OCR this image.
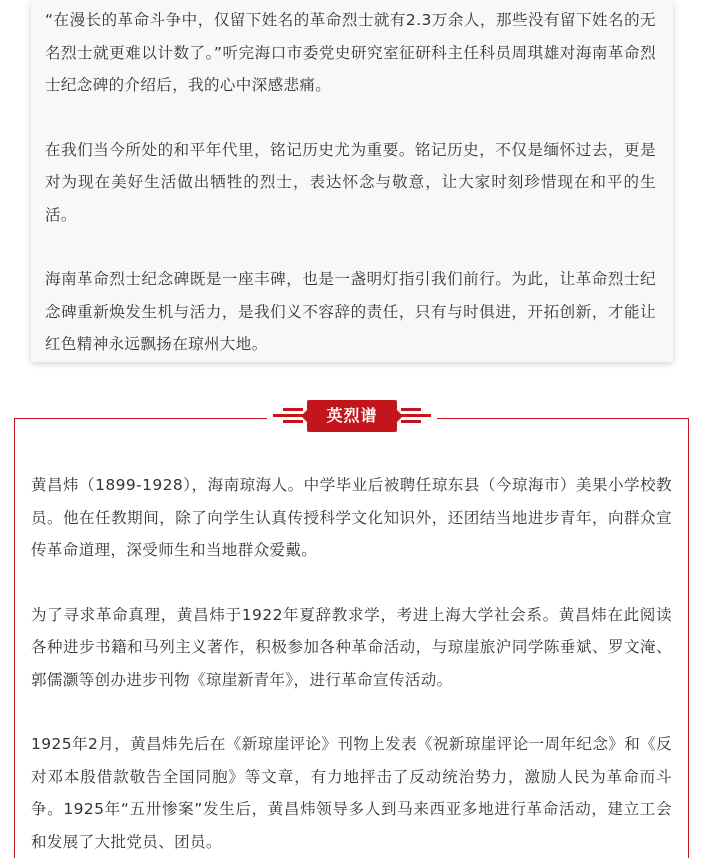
“在漫长的革命斗争中，仅留下姓名的革命烈士就有2.3万余人，那些没有留下姓名的无名烈士就更难以计数了。”听完海口市委党史研究室征研科主任科员周琪雄对海南革命烈士纪念碑的介绍后，我的心中深感悲痛。

在我们当今所处的和平年代里，铭记历史尤为重要。铭记历史，不仅是缅怀过去，更是对为现在美好生活做出牺牲的烈士，表达怀念与敬意，让大家时刻珍惜现在和平的生活。

海南革命烈士纪念碑既是一座丰碑，也是一盏明灯指引我们前行。为此，让革命烈士纪念碑重新焕发生机与活力，是我们义不容辞的责任，只有与时俱进，开拓创新，才能让红色精神永远飘扬在琼州大地。

黄昌炜（1899-1928），海南琼海人。中学毕业后被聘任琼东县（今琼海市）美果小学校教员。他在任教期间，除了向学生认真传授科学文化知识外，还团结当地进步青年，向群众宣传革命道理，深受师生和当地群众爱戴。

为了寻求革命真理，黄昌炜于1922年夏辞教求学，考进上海大学社会系。黄昌炜在此阅读各种进步书籍和马列主义著作，积极参加各种革命活动，与琼崖旅沪同学陈垂斌、罗文淹、郭儒灏等创办进步刊物《琼崖新青年》，进行革命宣传活动。

1925年2月，黄昌炜先后在《新琼崖评论》刊物上发表《祝新琼崖评论一周年纪念》和《反对邓本殷借款敬告全国同胞》等文章，有力地抨击了反动统治势力，激励人民为革命而斗争。1925年“五卅惨案”发生后，黄昌炜领导多人到马来西亚多地进行革命活动，建立工会和发展了大批党员、团员。

英烈谱
